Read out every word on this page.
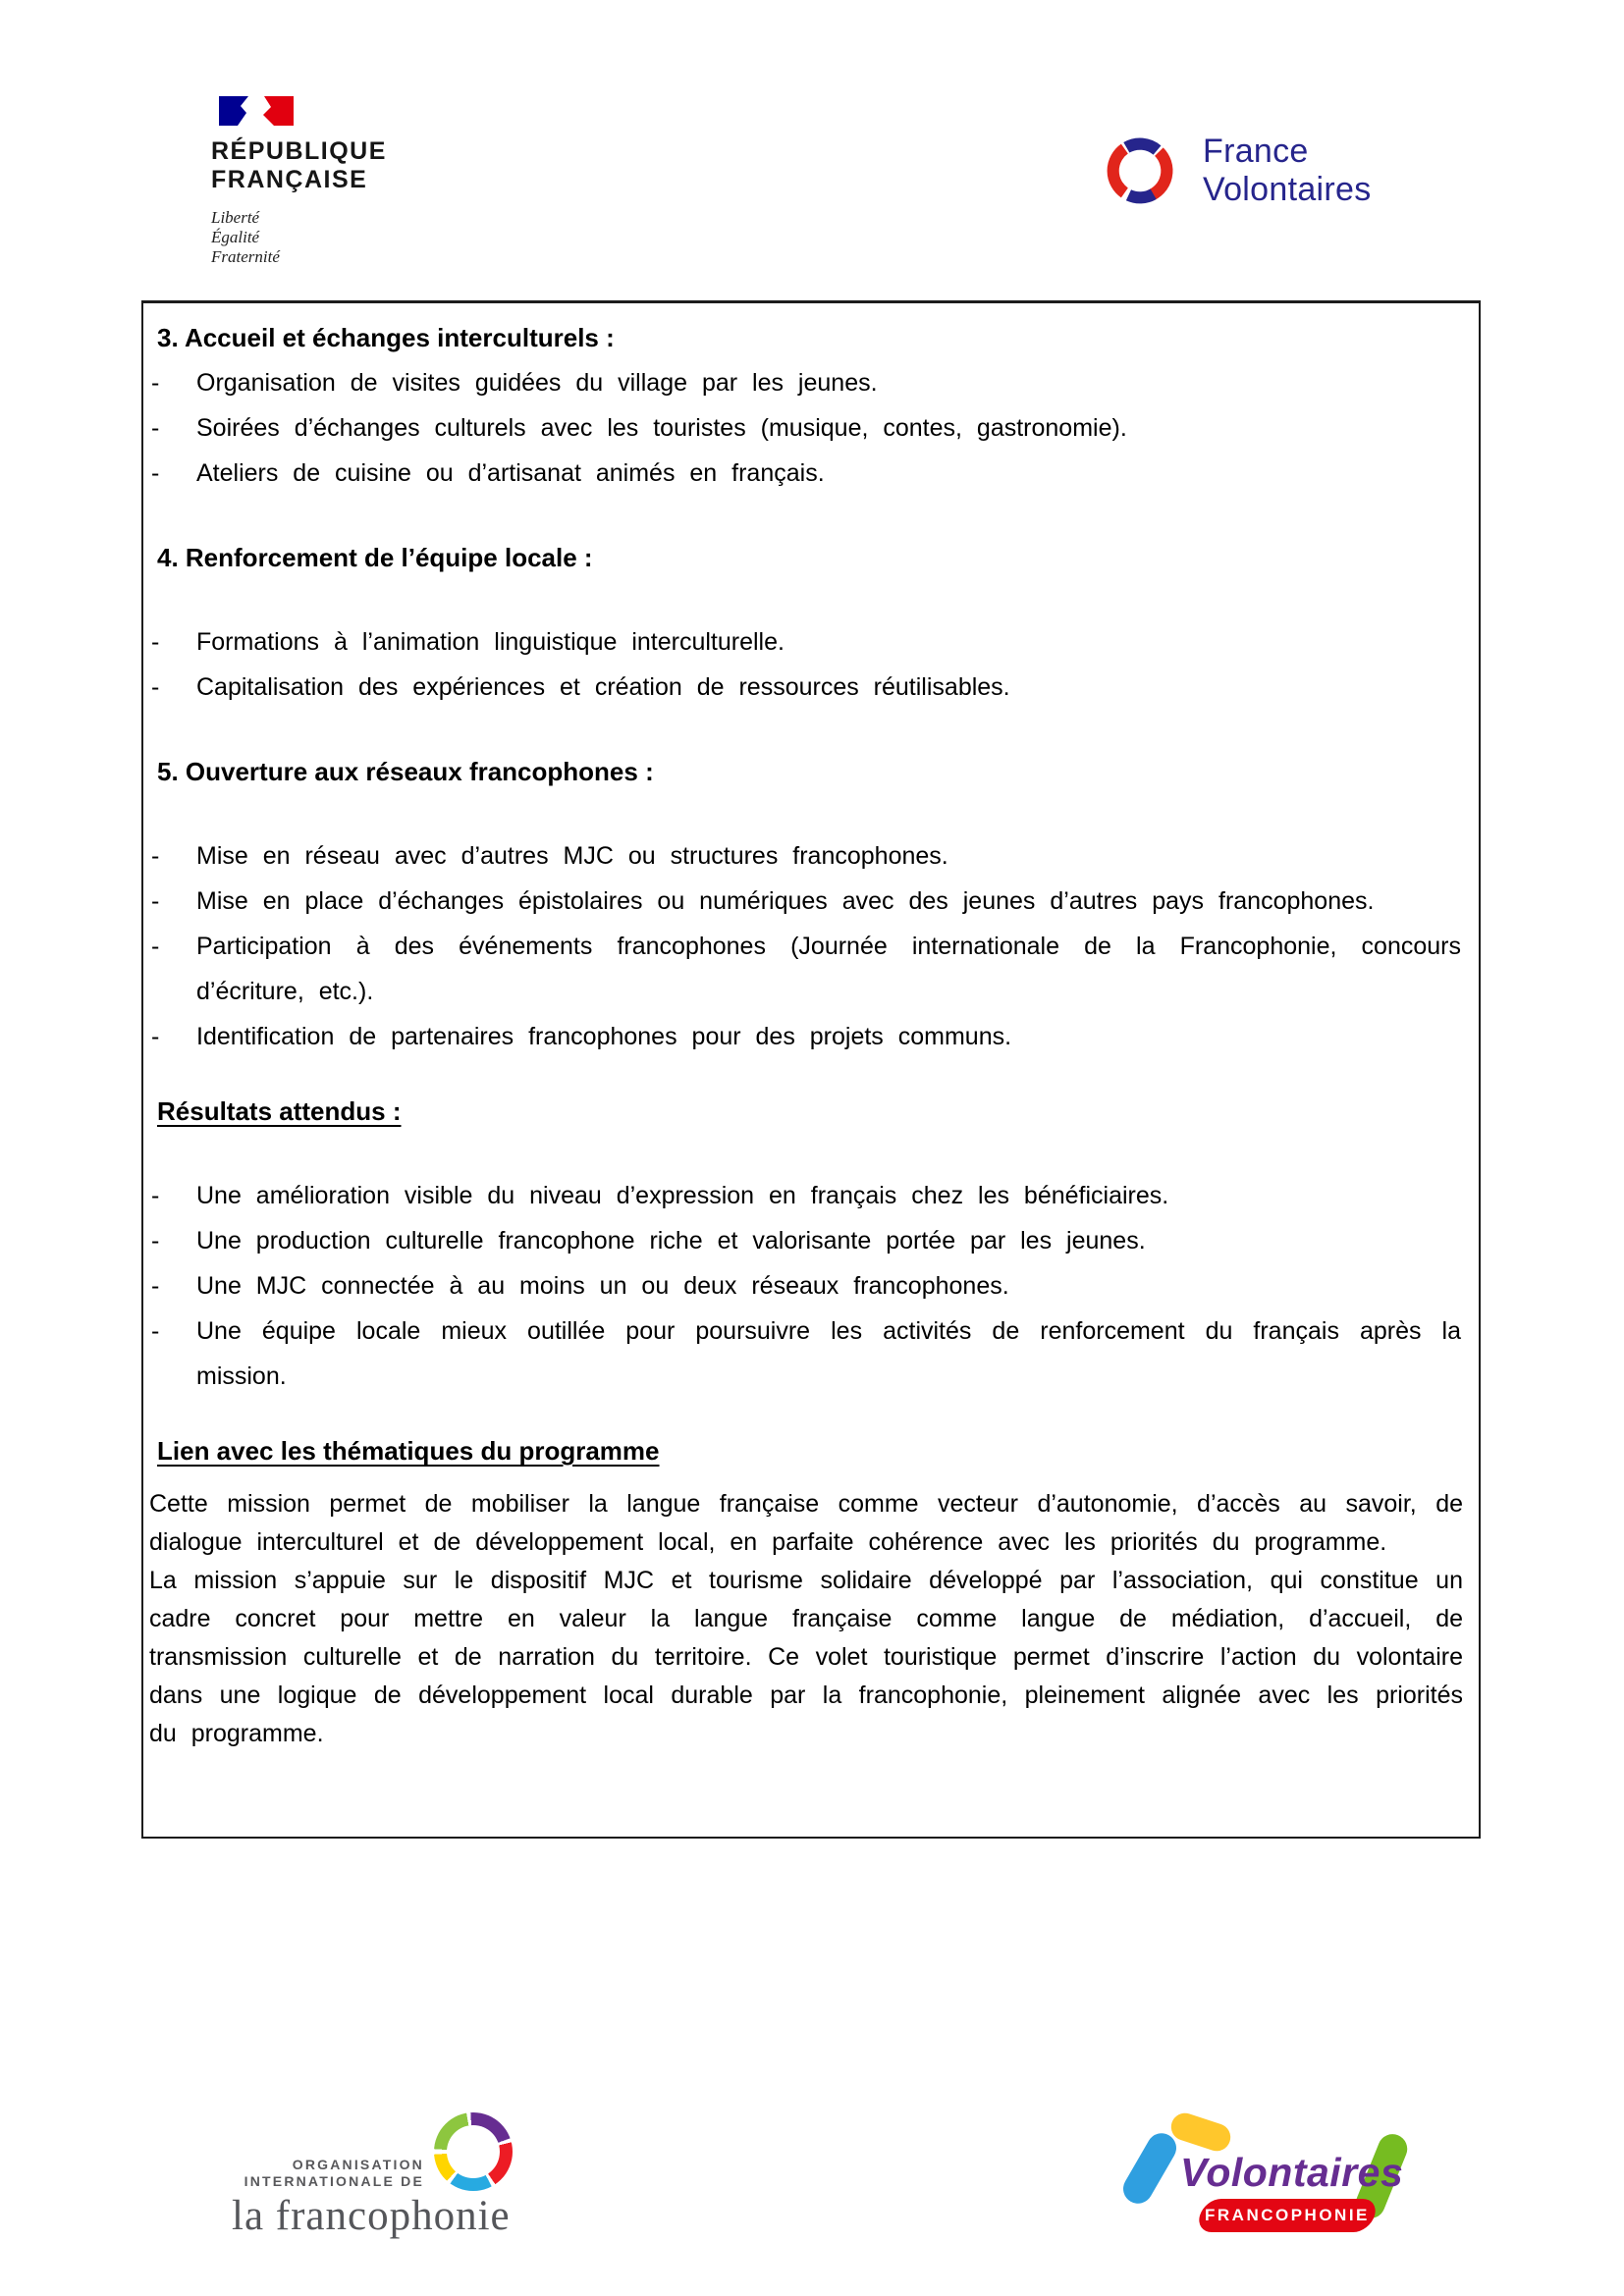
RÉPUBLIQUE
FRANÇAISE
Liberté
Égalité
Fraternité
France
Volontaires
3. Accueil et échanges interculturels :
-	Organisation de visites guidées du village par les jeunes.
-	Soirées d’échanges culturels avec les touristes (musique, contes, gastronomie).
-	Ateliers de cuisine ou d’artisanat animés en français.
4. Renforcement de l’équipe locale :
-	Formations à l’animation linguistique interculturelle.
-	Capitalisation des expériences et création de ressources réutilisables.
5. Ouverture aux réseaux francophones :
-	Mise en réseau avec d’autres MJC ou structures francophones.
-	Mise en place d’échanges épistolaires ou numériques avec des jeunes d’autres pays francophones.
-	Participation à des événements francophones (Journée internationale de la Francophonie, concours d’écriture, etc.).
-	Identification de partenaires francophones pour des projets communs.
Résultats attendus :
-	Une amélioration visible du niveau d’expression en français chez les bénéficiaires.
-	Une production culturelle francophone riche et valorisante portée par les jeunes.
-	Une MJC connectée à au moins un ou deux réseaux francophones.
-	Une équipe locale mieux outillée pour poursuivre les activités de renforcement du français après la mission.
Lien avec les thématiques du programme

Cette mission permet de mobiliser la langue française comme vecteur d’autonomie, d’accès au savoir, de dialogue interculturel et de développement local, en parfaite cohérence avec les priorités du programme.

La mission s’appuie sur le dispositif MJC et tourisme solidaire développé par l’association, qui constitue un cadre concret pour mettre en valeur la langue française comme langue de médiation, d’accueil, de transmission culturelle et de narration du territoire. Ce volet touristique permet d’inscrire l’action du volontaire dans une logique de développement local durable par la francophonie, pleinement alignée avec les priorités du programme.

ORGANISATION
INTERNATIONALE DE
la francophonie
Volontaires
FRANCOPHONIE
